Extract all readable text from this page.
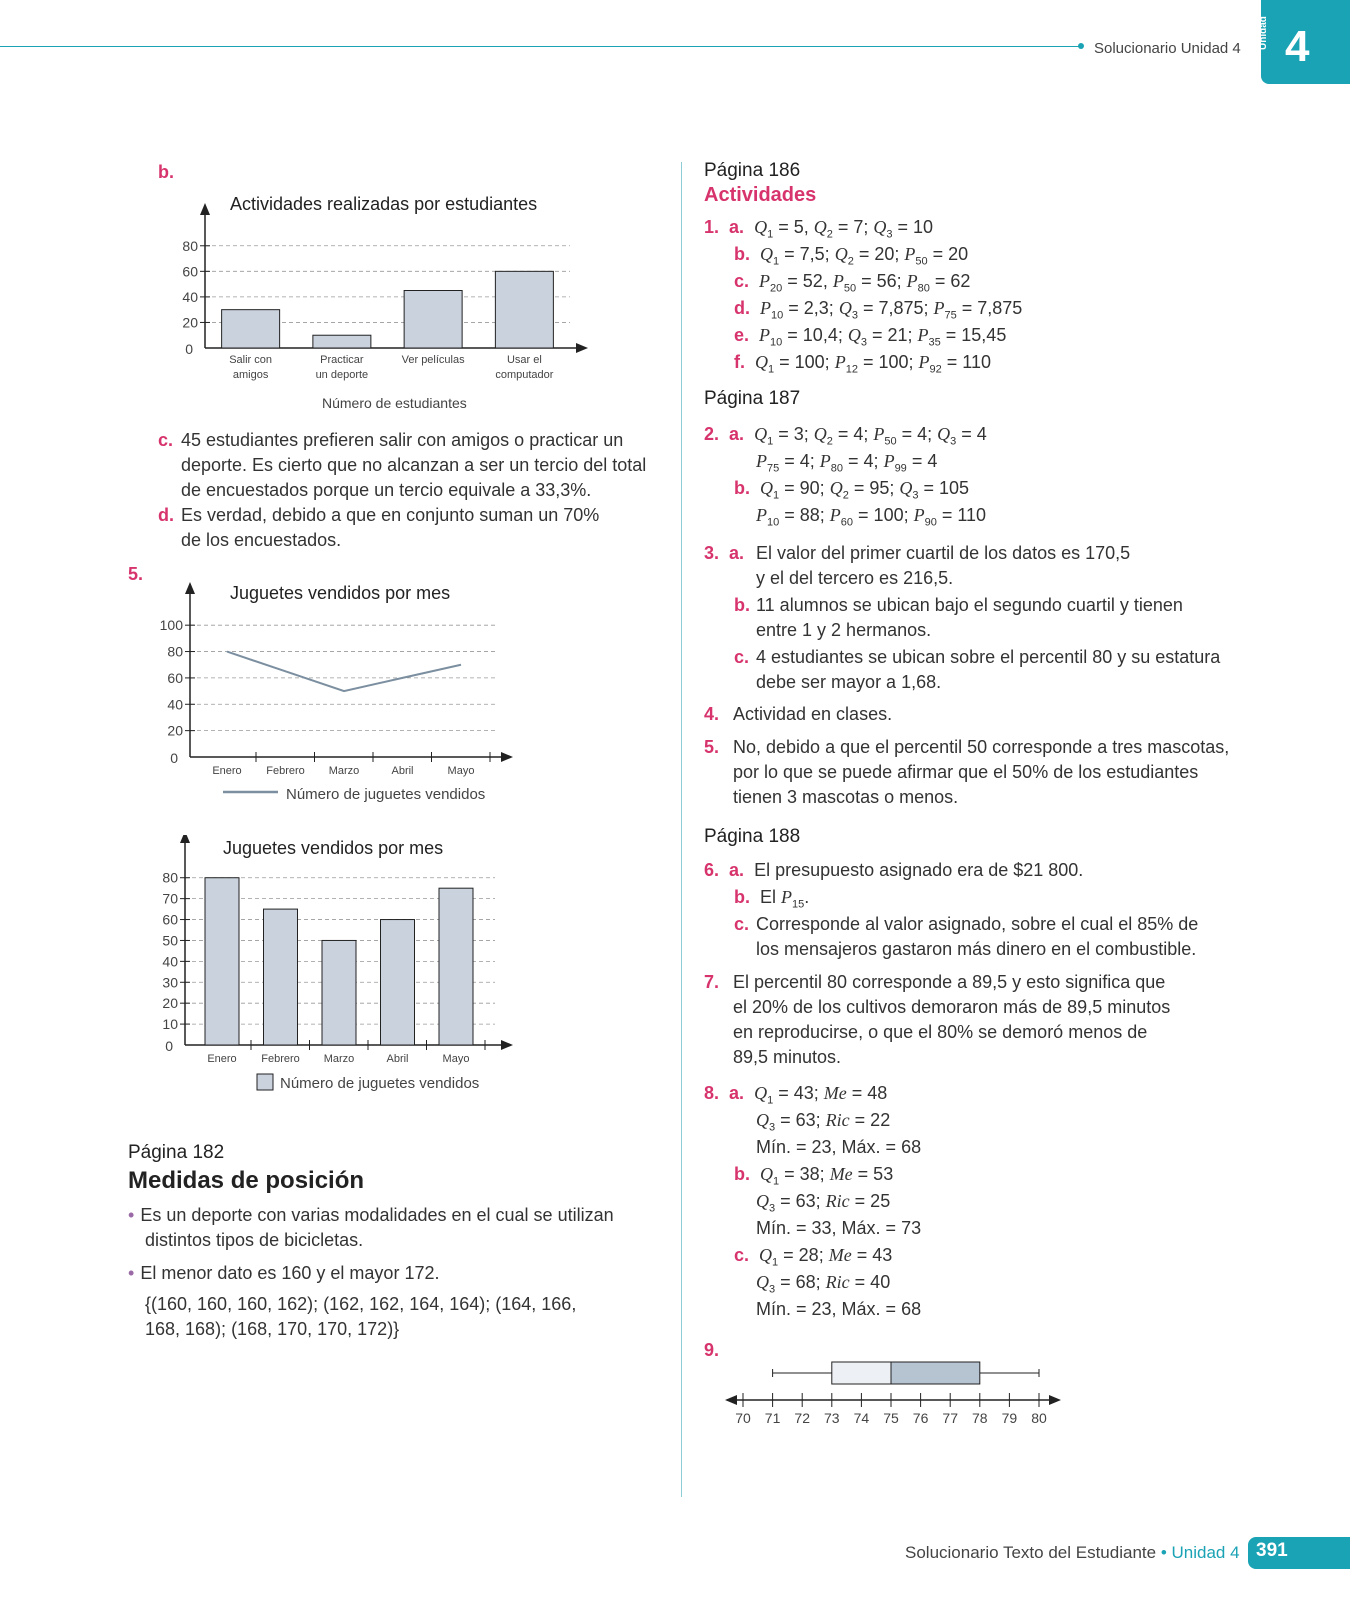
Solucionario Unidad 4 Unidad 4
b.
Actividades realizadas por estudiantes
0
20
40
60
80
Salir con
amigos
Practicar
un deporte
Ver películas	Usar el
computador
Número de estudiantes
c. 45 estudiantes prefieren salir con amigos o practicar un
deporte. Es cierto que no alcanzan a ser un tercio del total
de encuestados porque un tercio equivale a 33,3%.
d. Es verdad, debido a que en conjunto suman un 70%
de los encuestados.
5.
Juguetes vendidos por mes
0
20
40
60
80
100
Enero Febrero Marzo	Abril	Mayo
Número de juguetes vendidos
Juguetes vendidos por mes
0
10
20
30
40
50
60
70
80
Enero Febrero Marzo	Abril	Mayo
Número de juguetes vendidos
Página 182
Medidas de posición
• Es un deporte con varias modalidades en el cual se utilizan
distintos tipos de bicicletas.
• El menor dato es 160 y el mayor 172.
{(160, 160, 160, 162); (162, 162, 164, 164); (164, 166,
168, 168); (168, 170, 170, 172)}
Página 186
Actividades
1. a. $Q_1 = 5$, $Q_2 = 7$; $Q_3 = 10$
b. $Q_1 = 7,5$; $Q_2 = 20$; $P_{50} = 20$
c. $P_{20} = 52$, $P_{50} = 56$; $P_{80} = 62$
d. $P_{10} = 2,3$; $Q_3 = 7,875$; $P_{75} = 7,875$
e. $P_{10} = 10,4$; $Q_3 = 21$; $P_{35} = 15,45$
f. $Q_1 = 100$; $P_{12} = 100$; $P_{92} = 110$
Página 187
2. a. $Q_1 = 3$; $Q_2 = 4$; $P_{50} = 4$; $Q_3 = 4$
$P_{75} = 4$; $P_{80} = 4$; $P_{99} = 4$
b. $Q_1 = 90$; $Q_2 = 95$; $Q_3 = 105$
$P_{10} = 88$; $P_{60} = 100$; $P_{90} = 110$
3. a. El valor del primer cuartil de los datos es 170,5
y el del tercero es 216,5.
b. 11 alumnos se ubican bajo el segundo cuartil y tienen
entre 1 y 2 hermanos.
c. 4 estudiantes se ubican sobre el percentil 80 y su estatura
debe ser mayor a 1,68.
4. Actividad en clases.
5. No, debido a que el percentil 50 corresponde a tres mascotas,
por lo que se puede afirmar que el 50% de los estudiantes
tienen 3 mascotas o menos.
Página 188
6. a. El presupuesto asignado era de $21 800.
b. El $P_{15}$.
c. Corresponde al valor asignado, sobre el cual el 85% de
los mensajeros gastaron más dinero en el combustible.
7. El percentil 80 corresponde a 89,5 y esto significa que
el 20% de los cultivos demoraron más de 89,5 minutos
en reproducirse, o que el 80% se demoró menos de
89,5 minutos.
8. a. $Q_1 = 43$; Me = 48
$Q_3 = 63$; Ric = 22
Mín. = 23, Máx. = 68
b. $Q_1 = 38$; Me = 53
$Q_3 = 63$; Ric = 25
Mín. = 33, Máx. = 73
c. $Q_1 = 28$; Me = 43
$Q_3 = 68$; Ric = 40
Mín. = 23, Máx. = 68
9.
70 71 72 73 74 75 76 77 78 79 80
Solucionario Texto del Estudiante • Unidad 4 391
